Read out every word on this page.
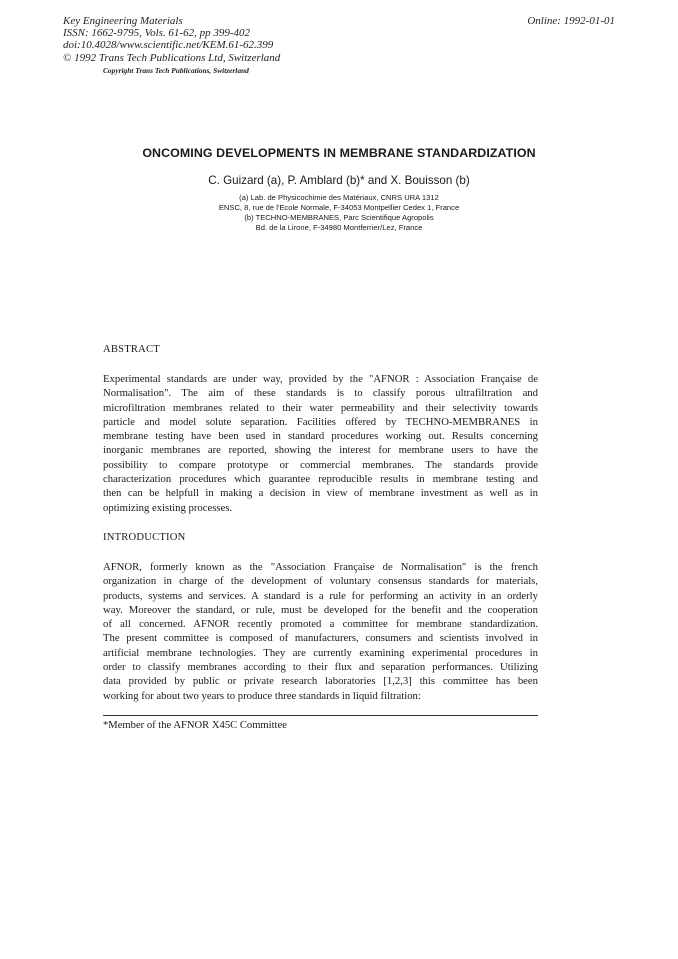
Key Engineering Materials
ISSN: 1662-9795, Vols. 61-62, pp 399-402
doi:10.4028/www.scientific.net/KEM.61-62.399
© 1992 Trans Tech Publications Ltd, Switzerland
Copyright Trans Tech Publications, Switzerland
Online: 1992-01-01
ONCOMING DEVELOPMENTS IN MEMBRANE STANDARDIZATION
C. Guizard (a), P. Amblard (b)* and X. Bouisson (b)
(a) Lab. de Physicochimie des Matériaux, CNRS URA 1312
ENSC, 8, rue de l'Ecole Normale, F-34053 Montpellier Cedex 1, France
(b) TECHNO-MEMBRANES, Parc Scientifique Agropolis
Bd. de la Lirone, F-34980 Montferrier/Lez, France
ABSTRACT
Experimental standards are under way, provided by the "AFNOR : Association Française de
Normalisation". The aim of these standards is to classify porous ultrafiltration and
microfiltration membranes related to their water permeability and their selectivity towards
particle and model solute separation. Facilities offered by TECHNO-MEMBRANES in
membrane testing have been used in standard procedures working out. Results concerning
inorganic membranes are reported, showing the interest for membrane users to have the
possibility to compare prototype or commercial membranes. The standards provide
characterization procedures which guarantee reproducible results in membrane testing and
then can be helpfull in making a decision in view of membrane investment as well as in
optimizing existing processes.
INTRODUCTION
AFNOR, formerly known as the "Association Française de Normalisation" is the french
organization in charge of the development of voluntary consensus standards for materials,
products, systems and services. A standard is a rule for performing an activity in an orderly
way. Moreover the standard, or rule, must be developed for the benefit and the cooperation
of all concerned. AFNOR recently promoted a committee for membrane standardization.
The present committee is composed of manufacturers, consumers and scientists involved in
artificial membrane technologies. They are currently examining experimental procedures in
order to classify membranes according to their flux and separation performances. Utilizing
data provided by public or private research laboratories [1,2,3] this committee has been
working for about two years to produce three standards in liquid filtration:
*Member of the AFNOR X45C Committee
